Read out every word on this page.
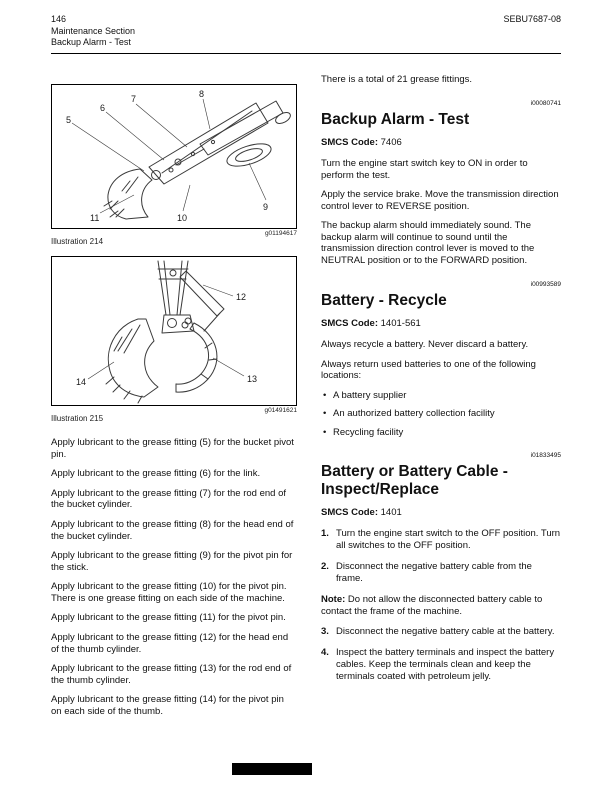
146
Maintenance Section
Backup Alarm - Test
SEBU7687-08
5
6
7	8
9
10
11
g01194617
Illustration 214
12
13
14
g01491621
Illustration 215

Apply lubricant to the grease fitting (5) for the bucket pivot pin.

Apply lubricant to the grease fitting (6) for the link.

Apply lubricant to the grease fitting (7) for the rod end of the bucket cylinder.

Apply lubricant to the grease fitting (8) for the head end of the bucket cylinder.

Apply lubricant to the grease fitting (9) for the pivot pin for the stick.

Apply lubricant to the grease fitting (10) for the pivot pin. There is one grease fitting on each side of the machine.

Apply lubricant to the grease fitting (11) for the pivot pin.

Apply lubricant to the grease fitting (12) for the head end of the thumb cylinder.

Apply lubricant to the grease fitting (13) for the rod end of the thumb cylinder.

Apply lubricant to the grease fitting (14) for the pivot pin on each side of the thumb.

There is a total of 21 grease fittings.

i00080741
Backup Alarm - Test

SMCS Code: 7406

Turn the engine start switch key to ON in order to perform the test.

Apply the service brake. Move the transmission direction control lever to REVERSE position.

The backup alarm should immediately sound. The backup alarm will continue to sound until the transmission direction control lever is moved to the NEUTRAL position or to the FORWARD position.

i00993589
Battery - Recycle

SMCS Code: 1401-561

Always recycle a battery. Never discard a battery.

Always return used batteries to one of the following locations:

•
A battery supplier
•
An authorized battery collection facility
•
Recycling facility
i01833495
Battery or Battery Cable - Inspect/Replace

SMCS Code: 1401

1. Turn the engine start switch to the OFF position. Turn all switches to the OFF position.
2. Disconnect the negative battery cable from the frame.

Note: Do not allow the disconnected battery cable to contact the frame of the machine.

3. Disconnect the negative battery cable at the battery.
4. Inspect the battery terminals and inspect the battery cables. Keep the terminals clean and keep the terminals coated with petroleum jelly.
